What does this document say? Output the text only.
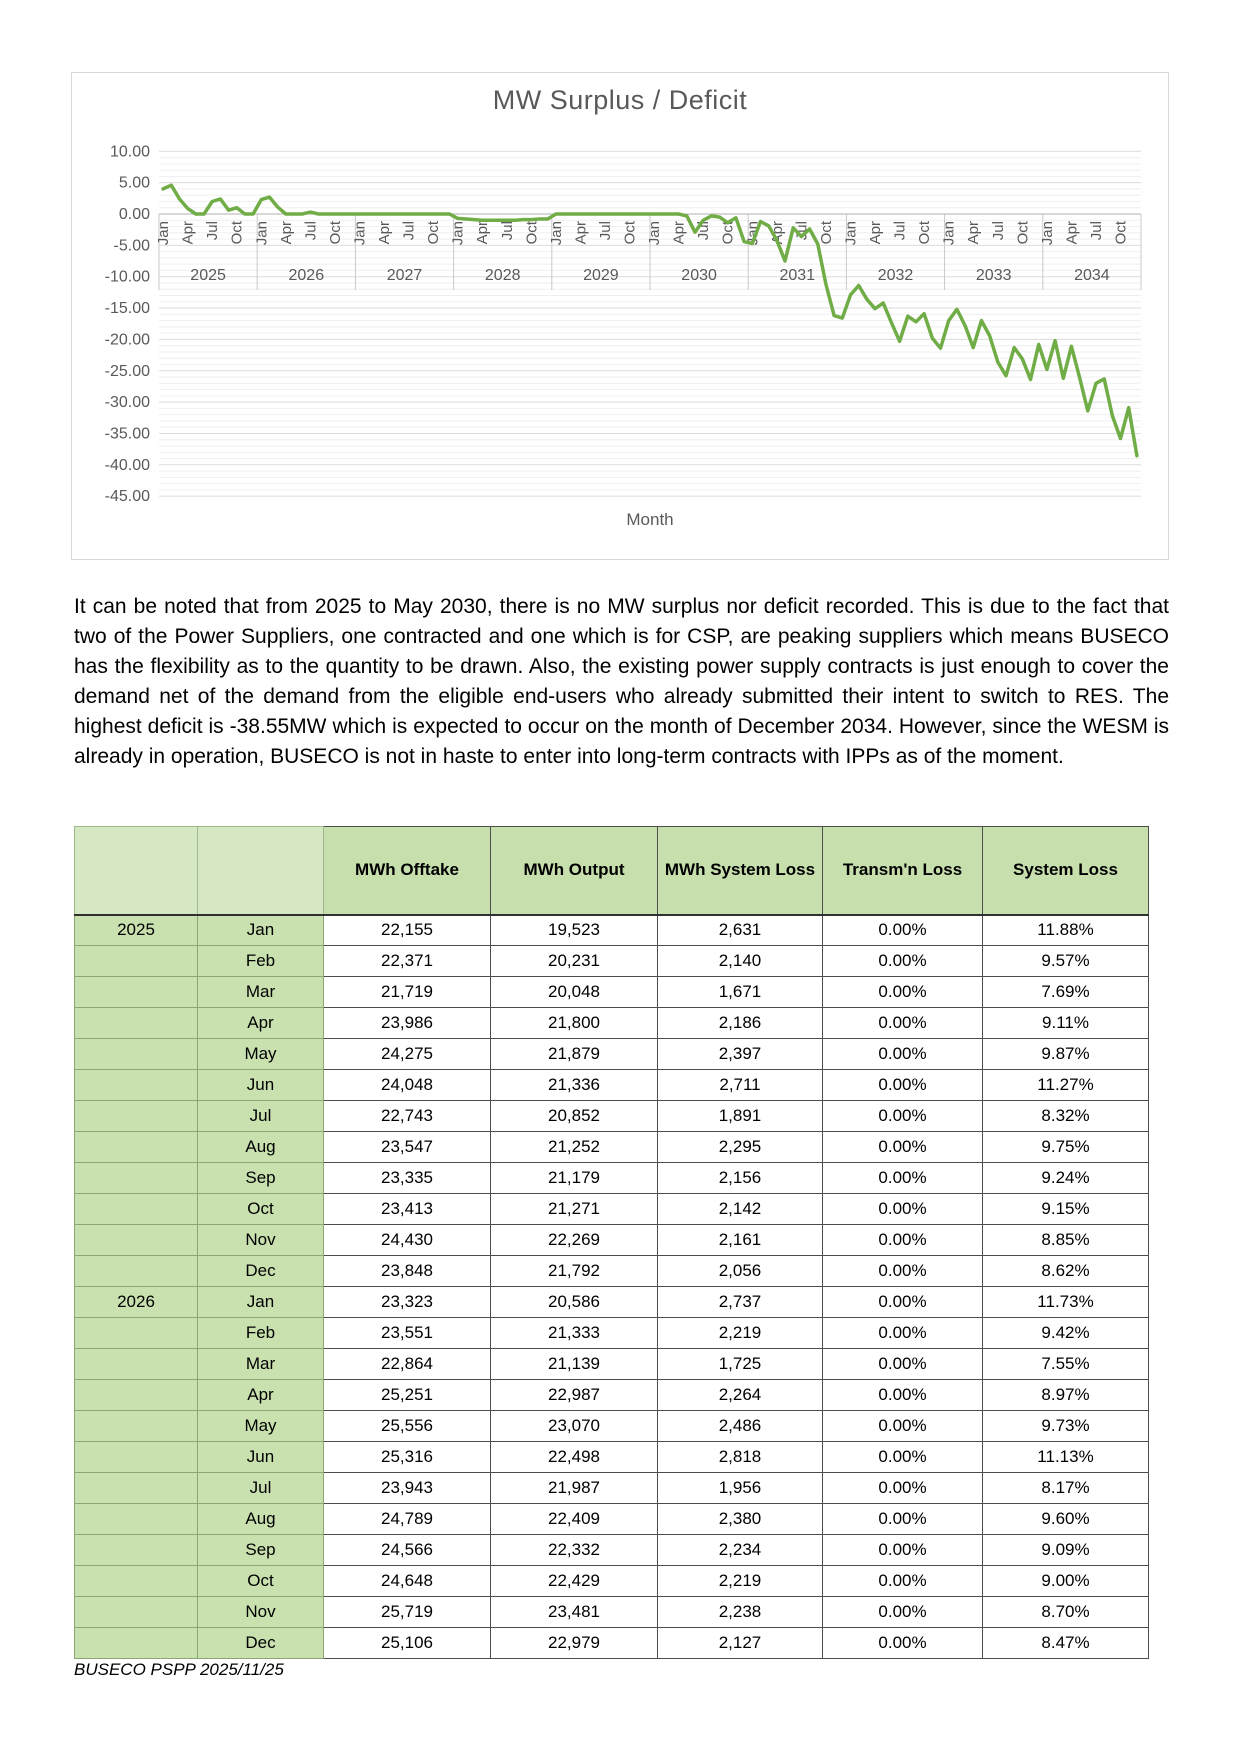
MW Surplus / Deficit
10.00
5.00
0.00
-5.00
-10.00
-15.00
-20.00
-25.00
-30.00
-35.00
-40.00
-45.00
Jan Apr Jul Oct
2025
Jan Apr Jul Oct
2026
Jan Apr Jul Oct
2027
Jan Apr Jul Oct
2028
Jan Apr Jul Oct
2029
Jan Apr Jul Oct
2030
Jan Apr Jul Oct
2031
Jan Apr Jul Oct
2032
Jan Apr Jul Oct
2033
Jan Apr Jul Oct
2034
Month

It can be noted that from 2025 to May 2030, there is no MW surplus nor deficit recorded. This is due to the fact that two of the Power Suppliers, one contracted and one which is for CSP, are peaking suppliers which means BUSECO has the flexibility as to the quantity to be drawn. Also, the existing power supply contracts is just enough to cover the demand net of the demand from the eligible end-users who already submitted their intent to switch to RES. The highest deficit is -38.55MW which is expected to occur on the month of December 2034. However, since the WESM is already in operation, BUSECO is not in haste to enter into long-term contracts with IPPs as of the moment.

		MWh Offtake	MWh Output	MWh System Loss	Transm'n Loss	System Loss
2025	Jan	22,155	19,523	2,631	0.00%	11.88%
	Feb	22,371	20,231	2,140	0.00%	9.57%
	Mar	21,719	20,048	1,671	0.00%	7.69%
	Apr	23,986	21,800	2,186	0.00%	9.11%
	May	24,275	21,879	2,397	0.00%	9.87%
	Jun	24,048	21,336	2,711	0.00%	11.27%
	Jul	22,743	20,852	1,891	0.00%	8.32%
	Aug	23,547	21,252	2,295	0.00%	9.75%
	Sep	23,335	21,179	2,156	0.00%	9.24%
	Oct	23,413	21,271	2,142	0.00%	9.15%
	Nov	24,430	22,269	2,161	0.00%	8.85%
	Dec	23,848	21,792	2,056	0.00%	8.62%
2026	Jan	23,323	20,586	2,737	0.00%	11.73%
	Feb	23,551	21,333	2,219	0.00%	9.42%
	Mar	22,864	21,139	1,725	0.00%	7.55%
	Apr	25,251	22,987	2,264	0.00%	8.97%
	May	25,556	23,070	2,486	0.00%	9.73%
	Jun	25,316	22,498	2,818	0.00%	11.13%
	Jul	23,943	21,987	1,956	0.00%	8.17%
	Aug	24,789	22,409	2,380	0.00%	9.60%
	Sep	24,566	22,332	2,234	0.00%	9.09%
	Oct	24,648	22,429	2,219	0.00%	9.00%
	Nov	25,719	23,481	2,238	0.00%	8.70%
	Dec	25,106	22,979	2,127	0.00%	8.47%
BUSECO PSPP 2025/11/25
